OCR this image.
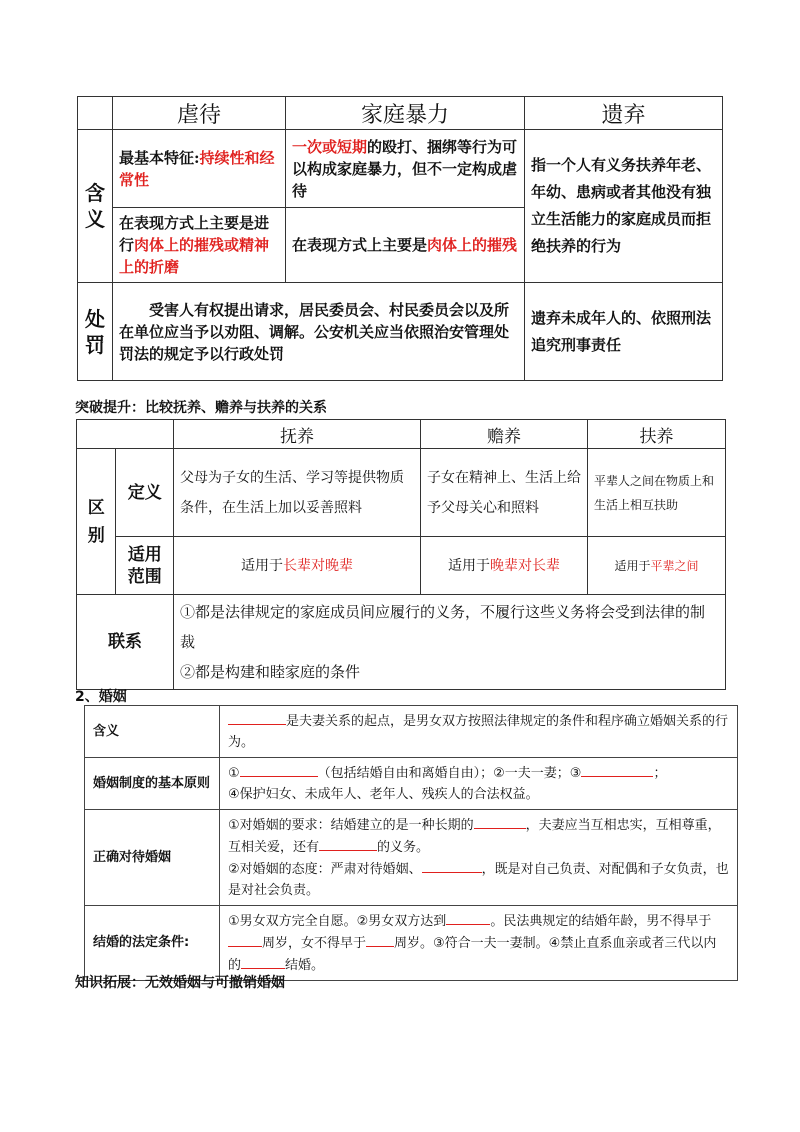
	虐待	家庭暴力	遗弃

含义	最基本特征:持续性和经常性	一次或短期的殴打、捆绑等行为可以构成家庭暴力，但不一定构成虐待	指一个人有义务扶养年老、年幼、患病或者其他没有独立生活能力的家庭成员而拒绝扶养的行为
	在表现方式上主要是进行肉体上的摧残或精神上的折磨	在表现方式上主要是肉体上的摧残	

处罚	受害人有权提出请求，居民委员会、村民委员会以及所在单位应当予以劝阻、调解。公安机关应当依照治安管理处罚法的规定予以行政处罚		遗弃未成年人的、依照刑法追究刑事责任
突破提升：比较抚养、赡养与扶养的关系
		抚养	赡养	扶养

区别	定义	父母为子女的生活、学习等提供物质条件，在生活上加以妥善照料	子女在精神上、生活上给予父母关心和照料	平辈人之间在物质上和生活上相互扶助

	适用范围	适用于长辈对晚辈	适用于晚辈对长辈	适用于平辈之间
联系		①都是法律规定的家庭成员间应履行的义务，不履行这些义务将会受到法律的制裁
②都是构建和睦家庭的条件		
2、婚姻
含义	是夫妻关系的起点，是男女双方按照法律规定的条件和程序确立婚姻关系的行为。
婚姻制度的基本原则	① （包括结婚自由和离婚自由）；②一夫一妻；③ ；
④保护妇女、未成年人、老年人、残疾人的合法权益。
正确对待婚姻	①对婚姻的要求：结婚建立的是一种长期的 ，夫妻应当互相忠实，互相尊重，互相关爱，还有 的义务。
②对婚姻的态度：严肃对待婚姻、 ，既是对自己负责、对配偶和子女负责，也是对社会负责。
结婚的法定条件:	①男女双方完全自愿。②男女双方达到 。民法典规定的结婚年龄，男不得早于周岁，女不得早于 周岁。③符合一夫一妻制。④禁止直系血亲或者三代以内的 结婚。
知识拓展：无效婚姻与可撤销婚姻
